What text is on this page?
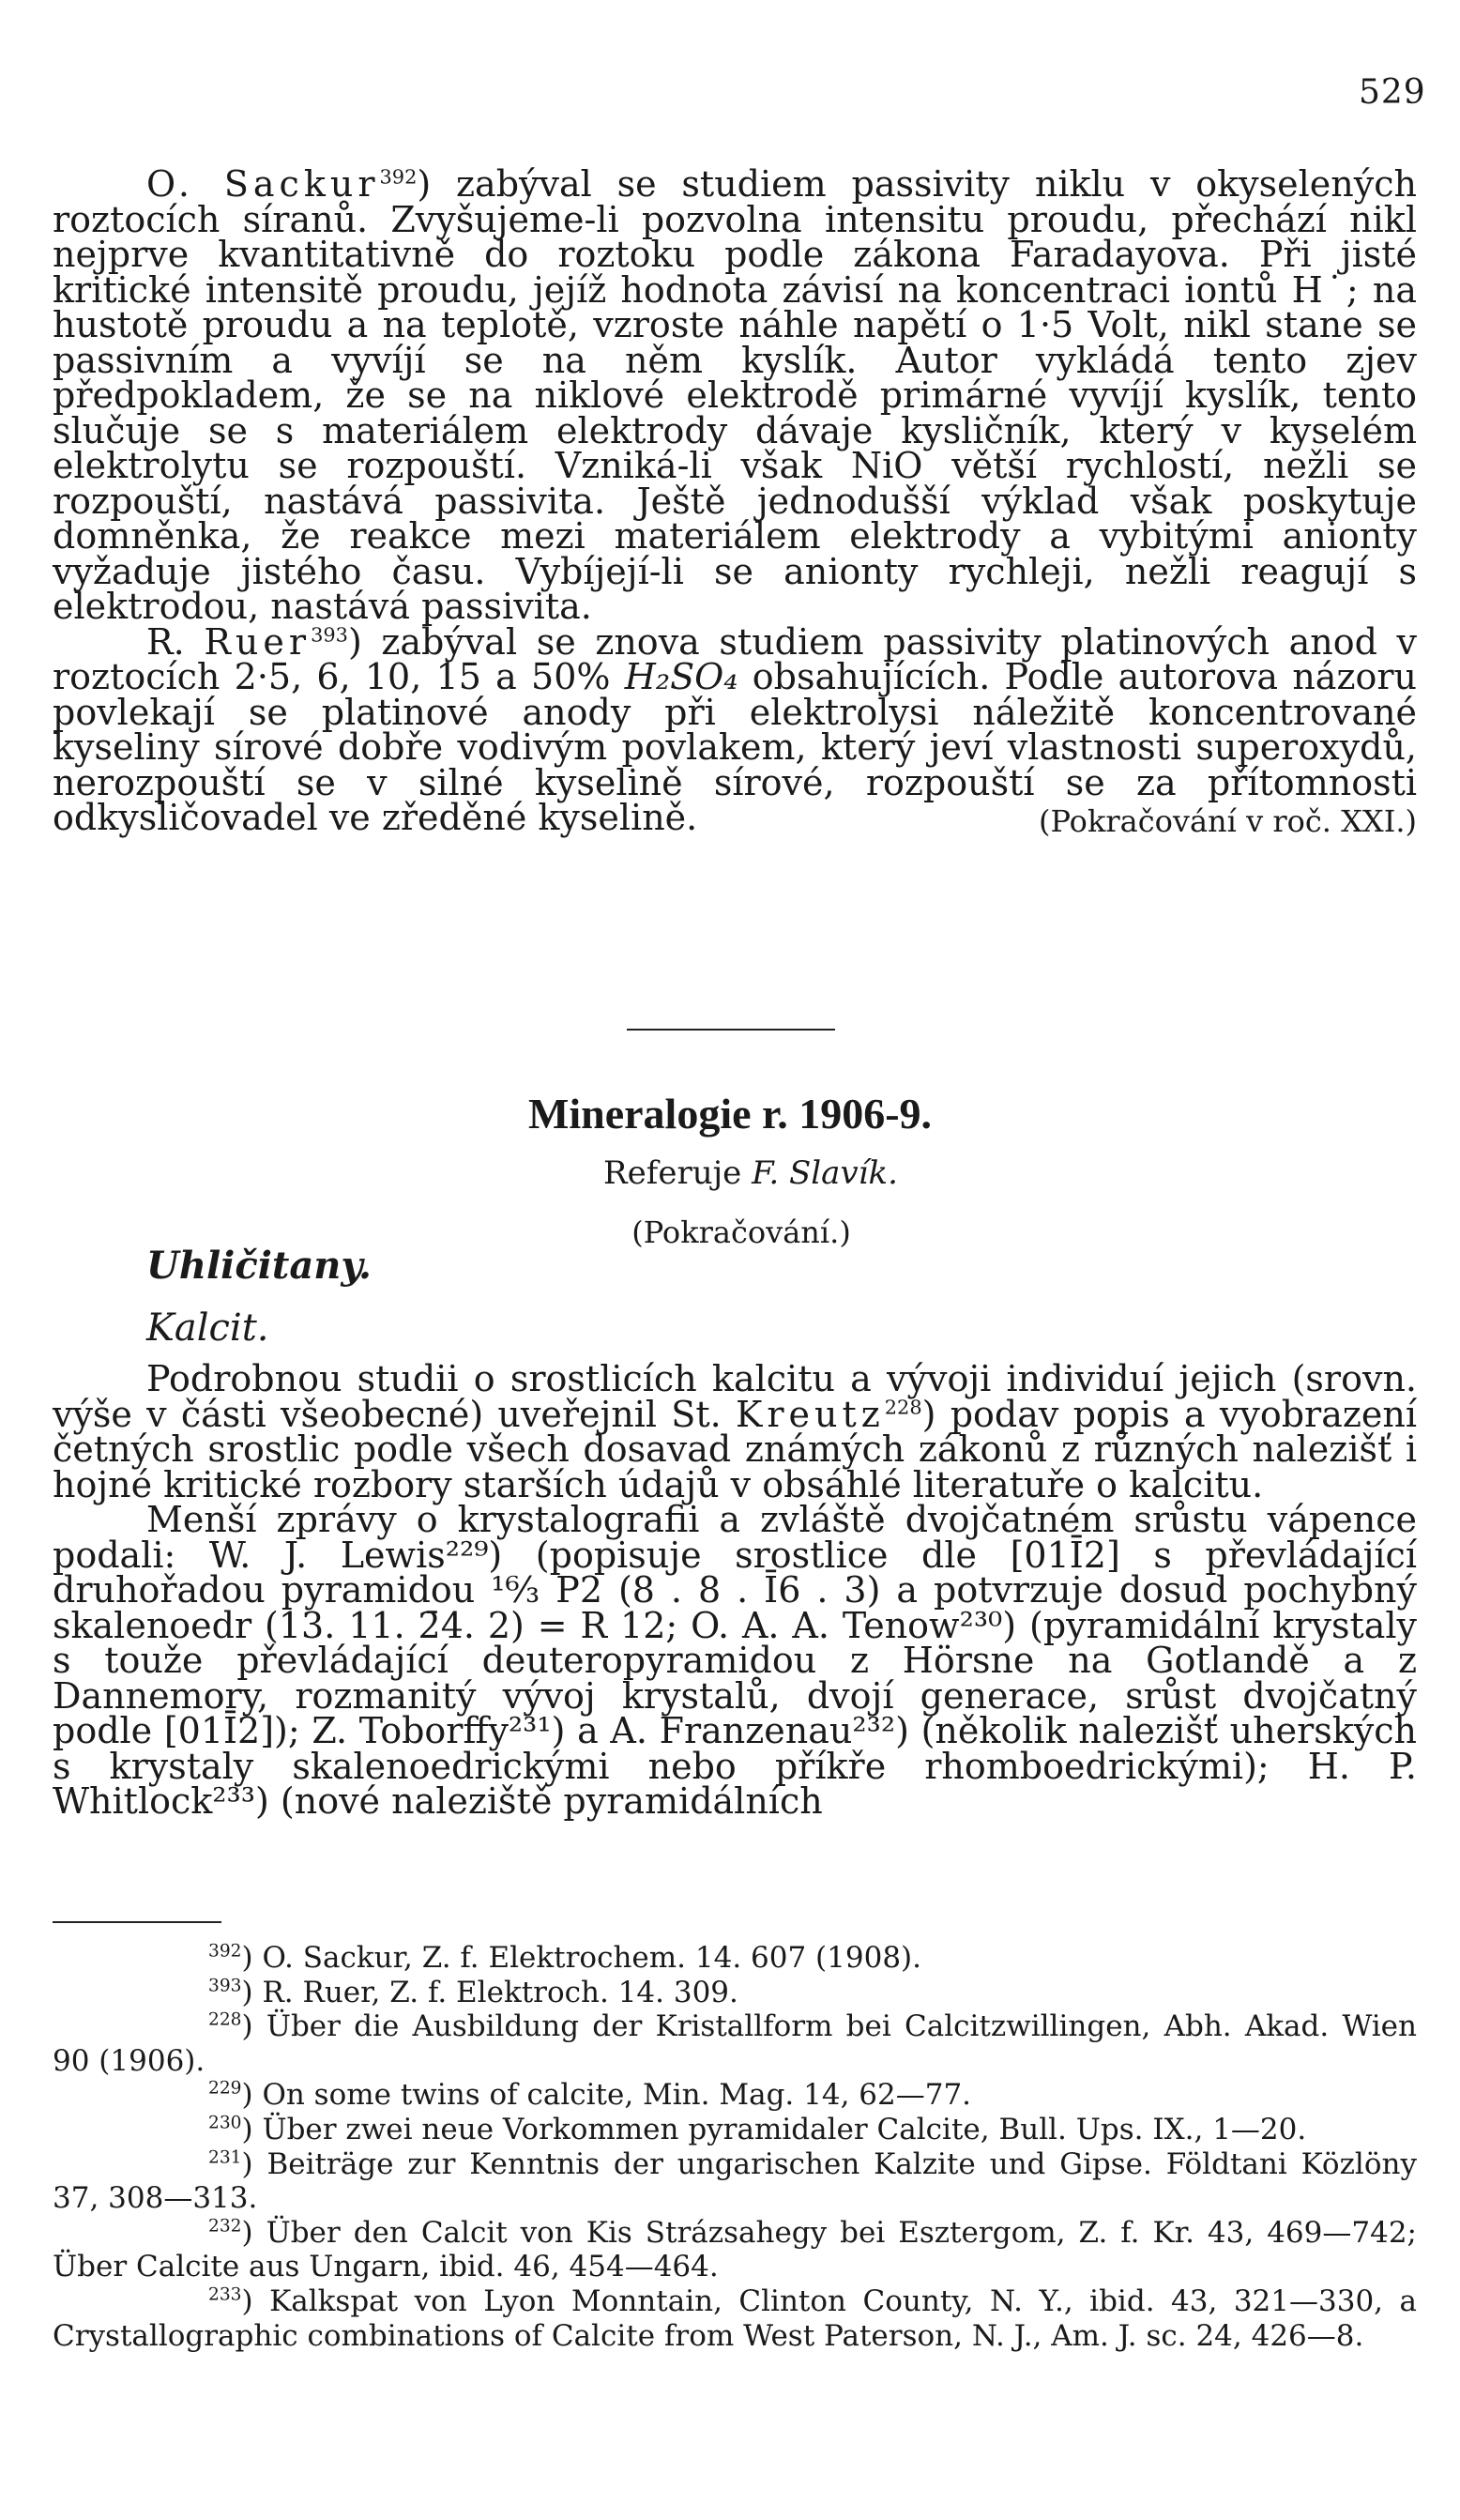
529

O. Sackur$^{392}$) zabýval se studiem passivity niklu v okyselených roztocích síranů. Zvyšujeme-li pozvolna intensitu proudu, přechází nikl nejprve kvantitativně do roztoku podle zákona Faradayova. Při jisté kritické intensitě proudu, jejíž hodnota závisí na koncentraci iontů H˙; na hustotě proudu a na teplotě, vzroste náhle napětí o 1·5 Volt, nikl stane se passivním a vyvíjí se na něm kyslík. Autor vykládá tento zjev předpokladem, že se na niklové elektrodě primárné vyvíjí kyslík, tento slučuje se s materiálem elektrody dávaje kysličník, který v kyselém elektrolytu se rozpouští. Vzniká-li však NiO větší rychlostí, nežli se rozpouští, nastává passivita. Ještě jednodušší výklad však poskytuje domněnka, že reakce mezi materiálem elektrody a vybitými anionty vyžaduje jistého času. Vybíjejí-li se anionty rychleji, nežli reagují s elektrodou, nastává passivita.

R. Ruer$^{393}$) zabýval se znova studiem passivity platinových anod v roztocích 2·5, 6, 10, 15 a 50% H₂SO₄ obsahujících. Podle autorova názoru povlekají se platinové anody při elektrolysi náležitě koncentrované kyseliny sírové dobře vodivým povlakem, který jeví vlastnosti superoxydů, nerozpouští se v silné kyselině sírové, rozpouští se za přítomnosti odkysličovadel ve zředěné kyselině.	(Pokračování v roč. XXI.)

Mineralogie r. 1906-9.
Referuje F. Slavík.
(Pokračování.)
Uhličitany.
Kalcit.

Podrobnou studii o srostlicích kalcitu a vývoji individuí jejich (srovn. výše v části všeobecné) uveřejnil St. Kreutz$^{228}$) podav popis a vyobrazení četných srostlic podle všech dosavad známých zákonů z různých nalezišť i hojné kritické rozbory starších údajů v obsáhlé literatuře o kalcitu.

Menší zprávy o krystalografii a zvláště dvojčatném srůstu vápence podali: W. J. Lewis²²⁹) (popisuje srostlice dle [01Ī2] s převládající druhořadou pyramidou ¹⁶⁄₃ P2 (8 . 8 . Ī6 . 3) a potvrzuje dosud pochybný skalenoedr (13. 11. 2̄4. 2) = R 12; O. A. A. Tenow²³⁰) (pyramidální krystaly s touže převládající deuteropyramidou z Hörsne na Gotlandě a z Dannemory, rozmanitý vývoj krystalů, dvojí generace, srůst dvojčatný podle [01Ī2]); Z. Toborffy²³¹) a A. Franzenau²³²) (několik nalezišť uherských s krystaly skalenoedrickými nebo příkře rhomboedrickými); H. P. Whitlock²³³) (nové naleziště pyramidálních

$^{392}$) O. Sackur, Z. f. Elektrochem. 14. 607 (1908).

$^{393}$) R. Ruer, Z. f. Elektroch. 14. 309.

$^{228}$) Über die Ausbildung der Kristallform bei Calcitzwillingen, Abh. Akad. Wien 90 (1906).

$^{229}$) On some twins of calcite, Min. Mag. 14, 62—77.

$^{230}$) Über zwei neue Vorkommen pyramidaler Calcite, Bull. Ups. IX., 1—20.

$^{231}$) Beiträge zur Kenntnis der ungarischen Kalzite und Gipse. Földtani Közlöny 37, 308—313.

$^{232}$) Über den Calcit von Kis Strázsahegy bei Esztergom, Z. f. Kr. 43, 469—742; Über Calcite aus Ungarn, ibid. 46, 454—464.

$^{233}$) Kalkspat von Lyon Monntain, Clinton County, N. Y., ibid. 43, 321—330, a Crystallographic combinations of Calcite from West Paterson, N. J., Am. J. sc. 24, 426—8.
